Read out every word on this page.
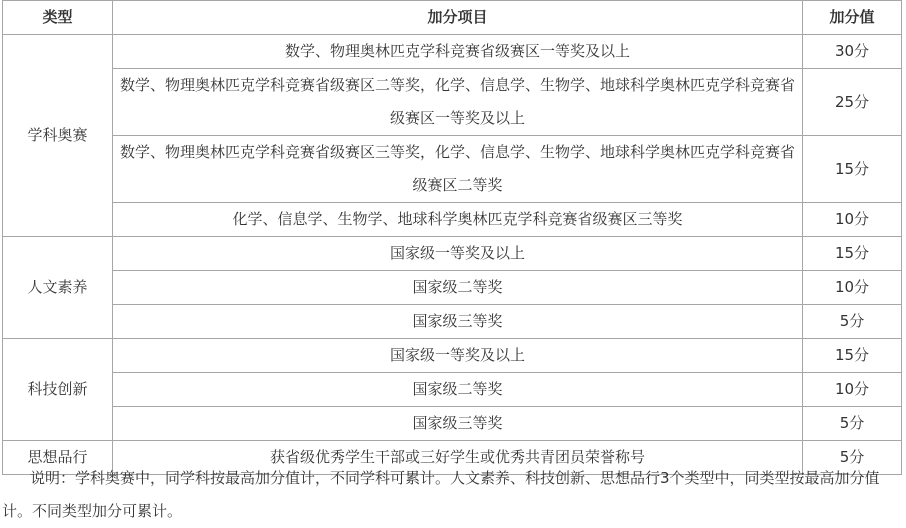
类型	加分项目	加分值
学科奥赛	数学、物理奥林匹克学科竞赛省级赛区一等奖及以上	30分
	数学、物理奥林匹克学科竞赛省级赛区二等奖，化学、信息学、生物学、地球科学奥林匹克学科竞赛省级赛区一等奖及以上	25分
	数学、物理奥林匹克学科竞赛省级赛区三等奖，化学、信息学、生物学、地球科学奥林匹克学科竞赛省级赛区二等奖	15分
	化学、信息学、生物学、地球科学奥林匹克学科竞赛省级赛区三等奖	10分
人文素养	国家级一等奖及以上	15分
	国家级二等奖	10分
	国家级三等奖	5分
科技创新	国家级一等奖及以上	15分
	国家级二等奖	10分
	国家级三等奖	5分
思想品行	获省级优秀学生干部或三好学生或优秀共青团员荣誉称号	5分

说明：学科奥赛中，同学科按最高加分值计，不同学科可累计。人文素养、科技创新、思想品行3个类型中，同类型按最高加分值计。不同类型加分可累计。
